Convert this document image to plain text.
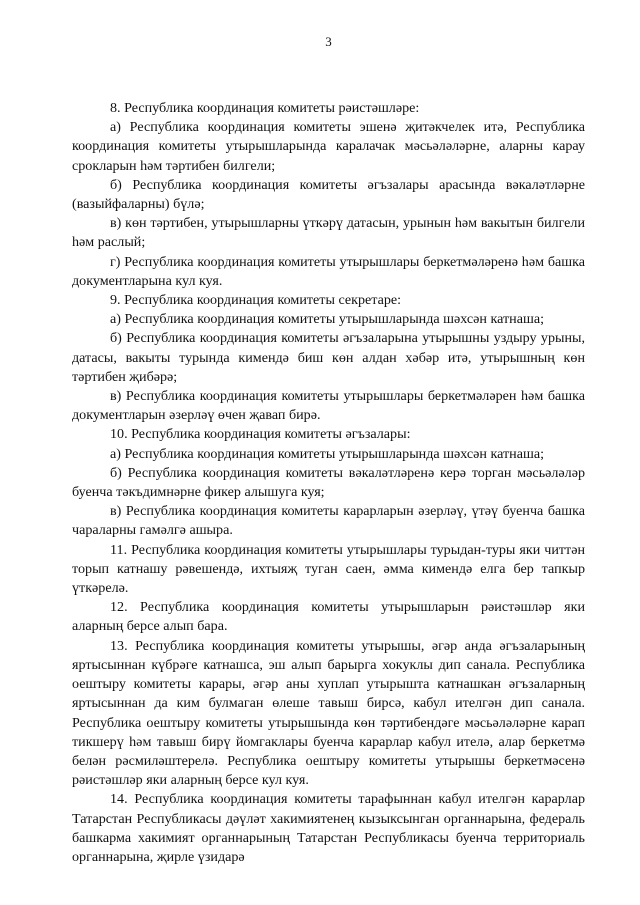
3

8. Республика координация комитеты рәистәшләре:

а) Республика координация комитеты эшенә җитәкчелек итә, Республика координация комитеты утырышларында каралачак мәсьәләләрне, аларны карау срокларын һәм тәртибен билгели;

б) Республика координация комитеты әгъзалары арасында вәкаләтләрне (вазыйфаларны) бүлә;

в) көн тәртибен, утырышларны үткәрү датасын, урынын һәм вакытын билгели һәм раслый;

г) Республика координация комитеты утырышлары беркетмәләренә һәм башка документларына кул куя.

9. Республика координация комитеты секретаре:

а) Республика координация комитеты утырышларында шәхсән катнаша;

б) Республика координация комитеты әгъзаларына утырышны уздыру урыны, датасы, вакыты турында кимендә биш көн алдан хәбәр итә, утырышның көн тәртибен җибәрә;

в) Республика координация комитеты утырышлары беркетмәләрен һәм башка документларын әзерләү өчен җавап бирә.

10. Республика координация комитеты әгъзалары:

а) Республика координация комитеты утырышларында шәхсән катнаша;

б) Республика координация комитеты вәкаләтләренә керә торган мәсьәләләр буенча тәкъдимнәрне фикер алышуга куя;

в) Республика координация комитеты карарларын әзерләү, үтәү буенча башка чараларны гамәлгә ашыра.

11. Республика координация комитеты утырышлары турыдан-туры яки читтән торып катнашу рәвешендә, ихтыяҗ туган саен, әмма кимендә елга бер тапкыр үткәрелә.

12. Республика координация комитеты утырышларын рәистәшләр яки аларның берсе алып бара.

13. Республика координация комитеты утырышы, әгәр анда әгъзаларының яртысыннан күбрәге катнашса, эш алып барырга хокуклы дип санала. Республика оештыру комитеты карары, әгәр аны хуплап утырышта катнашкан әгъзаларның яртысыннан да ким булмаган өлеше тавыш бирсә, кабул ителгән дип санала. Республика оештыру комитеты утырышында көн тәртибендәге мәсьәләләрне карап тикшерү һәм тавыш бирү йомгаклары буенча карарлар кабул ителә, алар беркетмә белән рәсмиләштерелә. Республика оештыру комитеты утырышы беркетмәсенә рәистәшләр яки аларның берсе кул куя.

14. Республика координация комитеты тарафыннан кабул ителгән карарлар Татарстан Республикасы дәүләт хакимиятенең кызыксынган органнарына, федераль башкарма хакимият органнарының Татарстан Республикасы буенча территориаль органнарына, җирле үзидарә
